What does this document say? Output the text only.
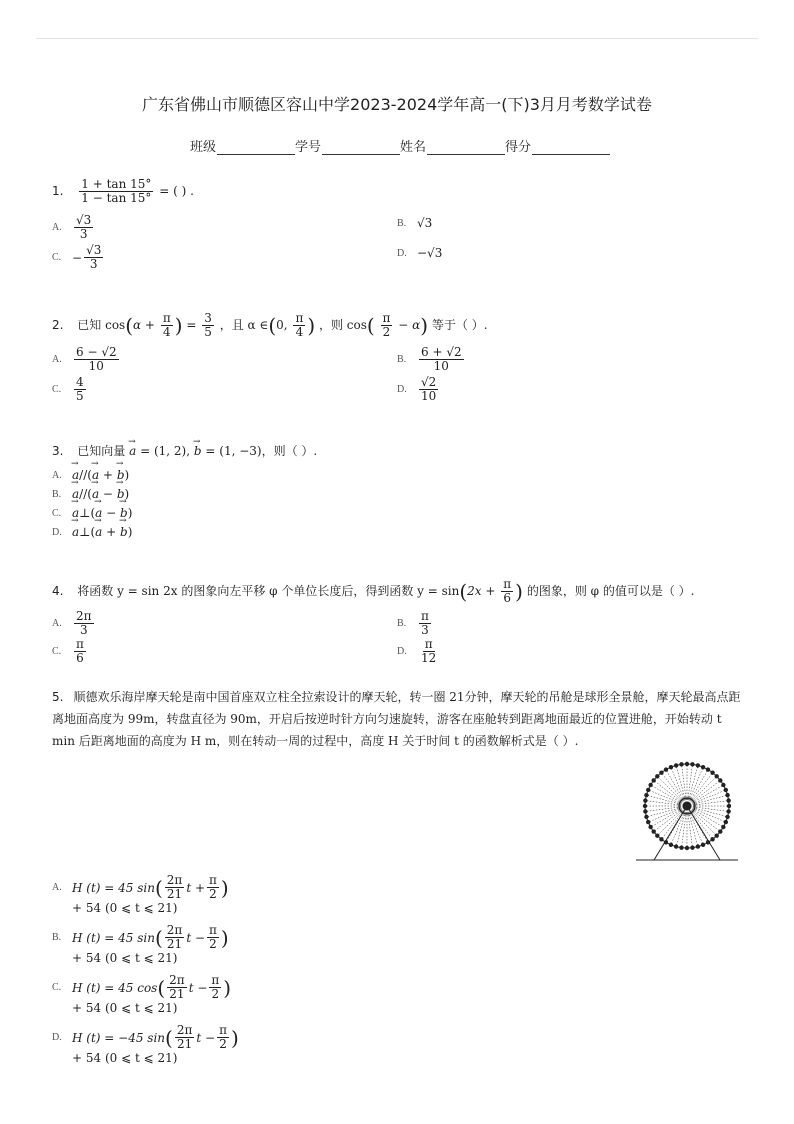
广东省佛山市顺德区容山中学2023-2024学年高一(下)3月月考数学试卷
班级	学号	姓名	得分
1. $\frac{1 + \tan 15^\circ}{1 - \tan 15^\circ}$ = ( ) .
A.	$\frac{√3}{3}$	B. √3
C. − $\frac{√3}{3}$	D. −√3
2. 已知 $\cos(\alpha + \frac{\pi}{4}$ ) = $\frac{3}{5}$ ，且 α ∈(0, $\frac{\pi}{4}$ ) ，则 $\cos( \frac{\pi}{2} - \alpha)$ 等于（ ）.
A.	$\frac{6 - √2}{10}$	B.	$\frac{6 + √2}{10}$
C.	$\frac{4}{5}$	D.	$\frac{√2}{10}$
3. 已知向量 → a = (1, 2), → b = (1, −3)，则（ ）.
A. → a //( → a
+
→ b )
B. → a //( → a
−
→ b )
C. → a ⊥( → a
−
→ b )
D. → a ⊥( → a
+
→ b )
4. 将函数 y = sin 2x 的图象向左平移 φ 个单位长度后，得到函数 $y = \sin(2x + \frac{\pi}{6}$ ) 的图象，则 φ 的值可以是（ ）.
A.	$\frac{2\pi}{3}$	B.	$\frac{\pi}{3}$
C.	$\frac{\pi}{6}$	D.	$\frac{\pi}{12}$
5. 顺德欢乐海岸摩天轮是南中国首座双立柱全拉索设计的摩天轮，转一圈 21分钟，摩天轮的吊舱是球形全景舱，摩天轮最高点距离地面高度为 99m，转盘直径为 90m，开启后按逆时针方向匀速旋转，游客在座舱转到距离地面最近的位置进舱，开始转动 t min 后距离地面的高度为 H m，则在转动一周的过程中，高度 H 关于时间 t 的函数解析式是（ ）.
A. H (t) = 45 sin ( $\frac{2\pi}{21}$ $t + \frac{\pi}{2}$ )
+ 54 (0 ⩽ t ⩽ 21)
B. H (t) = 45 sin ( $\frac{2\pi}{21}$ $t - \frac{\pi}{2}$ )
+ 54 (0 ⩽ t ⩽ 21)
C. H (t) = 45 cos ( $\frac{2\pi}{21}$ $t - \frac{\pi}{2}$ )
+ 54 (0 ⩽ t ⩽ 21)
D. H (t) = −45 sin ( $\frac{2\pi}{21}$ $t - \frac{\pi}{2}$ )
+ 54 (0 ⩽ t ⩽ 21)
